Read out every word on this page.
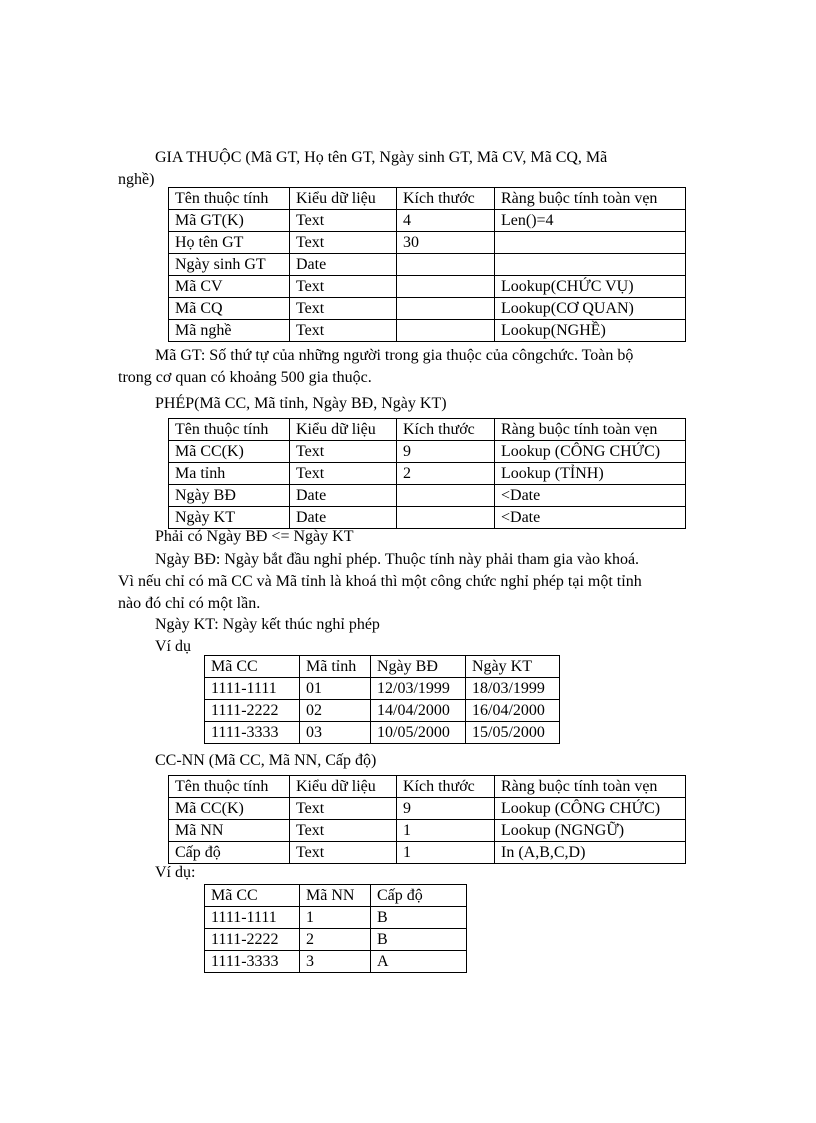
GIA THUỘC (Mã GT, Họ tên GT, Ngày sinh GT, Mã CV, Mã CQ, Mã

nghề)

Tên thuộc tính	Kiểu dữ liệu	Kích thước	Ràng buộc tính toàn vẹn
Mã GT(K)	Text	4	Len()=4
Họ tên GT	Text	30	
Ngày sinh GT	Date		
Mã CV	Text		Lookup(CHỨC VỤ)
Mã CQ	Text		Lookup(CƠ QUAN)
Mã nghề	Text		Lookup(NGHỀ)

Mã GT: Số thứ tự của những người trong gia thuộc của côngchức. Toàn bộ

trong cơ quan có khoảng 500 gia thuộc.

PHÉP(Mã CC, Mã tỉnh, Ngày BĐ, Ngày KT)

Tên thuộc tính	Kiểu dữ liệu	Kích thước	Ràng buộc tính toàn vẹn
Mã CC(K)	Text	9	Lookup (CÔNG CHỨC)
Ma tỉnh	Text	2	Lookup (TỈNH)
Ngày BĐ	Date		<Date
Ngày KT	Date		<Date

Phải có Ngày BĐ <= Ngày KT

Ngày BĐ: Ngày bắt đầu nghỉ phép. Thuộc tính này phải tham gia vào khoá.

Vì nếu chỉ có mã CC và Mã tỉnh là khoá thì một công chức nghỉ phép tại một tỉnh

nào đó chỉ có một lần.

Ngày KT: Ngày kết thúc nghỉ phép

Ví dụ

Mã CC	Mã tỉnh	Ngày BĐ	Ngày KT
1111-1111	01	12/03/1999	18/03/1999
1111-2222	02	14/04/2000	16/04/2000
1111-3333	03	10/05/2000	15/05/2000

CC-NN (Mã CC, Mã NN, Cấp độ)

Tên thuộc tính	Kiểu dữ liệu	Kích thước	Ràng buộc tính toàn vẹn
Mã CC(K)	Text	9	Lookup (CÔNG CHỨC)
Mã NN	Text	1	Lookup (NGNGỮ)
Cấp độ	Text	1	In (A,B,C,D)

Ví dụ:

Mã CC	Mã NN	Cấp độ
1111-1111	1	B
1111-2222	2	B
1111-3333	3	A
